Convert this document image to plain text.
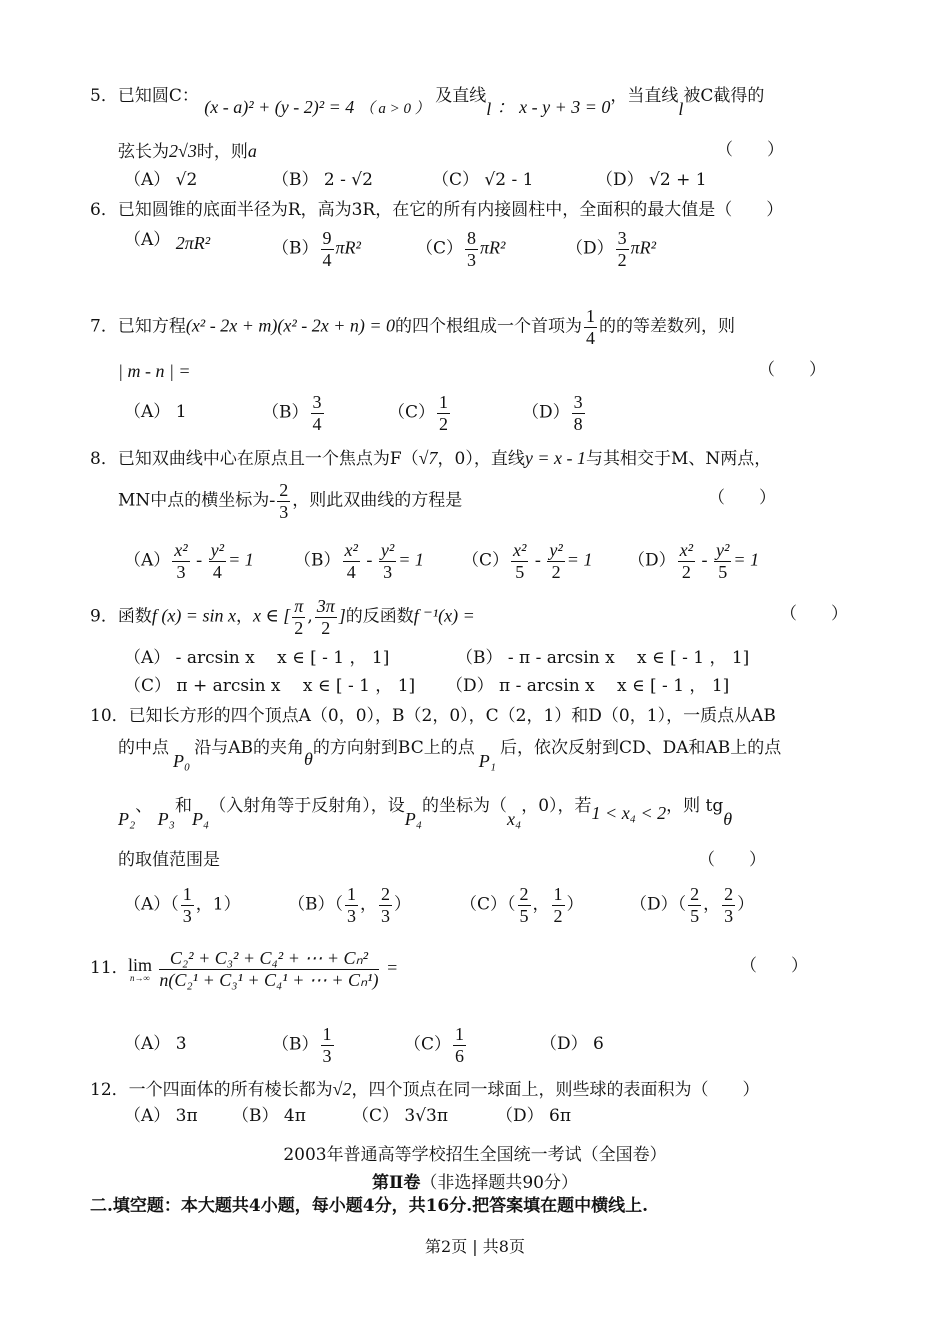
5．已知圆C： (x - a)² + (y - 2)² = 4 （ a > 0 ） 及直线l ： x - y + 3 = 0，当直线l被C截得的
弦长为2√3时，则a	（　　）
（A） √2	（B） 2 - √2	（C） √2 - 1	（D） √2 + 1
6．已知圆锥的底面半径为R，高为3R，在它的所有内接圆柱中，全面积的最大值是（　　）
（A） 2πR²	$(B) \frac{9}{4} \pi R^2$	$(C) \frac{8}{3} \pi R^2$	$(D) \frac{3}{2} \pi R^2$
7．已知方程(x² - 2x + m)(x² - 2x + n) = 0的四个根组成一个首项为 $\frac{1}{4}$ 的的等差数列，则
| m - n | =	（　　）
（A） 1	$(B) \frac{3}{4}$	$(C) \frac{1}{2}$	$(D) \frac{3}{8}$
8．已知双曲线中心在原点且一个焦点为F（√7，0），直线y = x - 1与其相交于M、N两点，
MN中点的横坐标为- $\frac{2}{3}$ ，则此双曲线的方程是	（　　）
$(A) \frac{\text{x²}}{3} - \frac{\text{y²}}{4} = 1$ $(B) \frac{\text{x²}}{4} - \frac{\text{y²}}{3} = 1$ $(C) \frac{\text{x²}}{5} - \frac{\text{y²}}{2} = 1$ $(D) \frac{\text{x²}}{2} - \frac{\text{y²}}{5} = 1$
9．函数f (x) = sin x，x ∈ [ $\frac{\pi}{2}$ , $\frac{3\pi}{2}$ ]的反函数f ⁻¹(x) =	（　　）
（A） - arcsin x 　x ∈ [ - 1 ， 1]	（B） - π - arcsin x 　x ∈ [ - 1 ， 1]
（C） π + arcsin x 　x ∈ [ - 1 ， 1] （D） π - arcsin x 　x ∈ [ - 1 ， 1]
10．已知长方形的四个顶点A（0，0），B（2，0），C（2，1）和D（0，1），一质点从AB
的中点P₀沿与AB的夹角θ的方向射到BC上的点P₁后，依次反射到CD、DA和AB上的点
P₂、 P₃和P₄（入射角等于反射角），设P₄的坐标为（x₄，0），若1 < x₄ < 2，则 tgθ
的取值范围是	（　　）
$(A)( \frac{1}{3}$ ，1）	$(B)( \frac{1}{3}$ ， $\frac{2}{3}$ ）	$(C)( \frac{2}{5}$ ， $\frac{1}{2}$ ）	$(D)( \frac{2}{5}$ ， $\frac{2}{3}$ ）
11． lim
n→∞
$\frac{\text{C₂² + C₃² + C₄² + ⋯ + Cₙ²}}{\text{n(C₂¹ + C₃¹ + C₄¹ + ⋯ + Cₙ¹)}}$ =	（　　）
（A） 3	$(B) \frac{1}{3}$	$(C) \frac{1}{6}$	（D） 6
12．一个四面体的所有棱长都为√2，四个顶点在同一球面上，则些球的表面积为（　　）
（A） 3π （B） 4π	（C） 3√3π	（D） 6π
2003年普通高等学校招生全国统一考试（全国卷）
第Ⅱ卷（非选择题共90分）
二.填空题：本大题共4小题，每小题4分，共16分.把答案填在题中横线上.
第2页 | 共8页
